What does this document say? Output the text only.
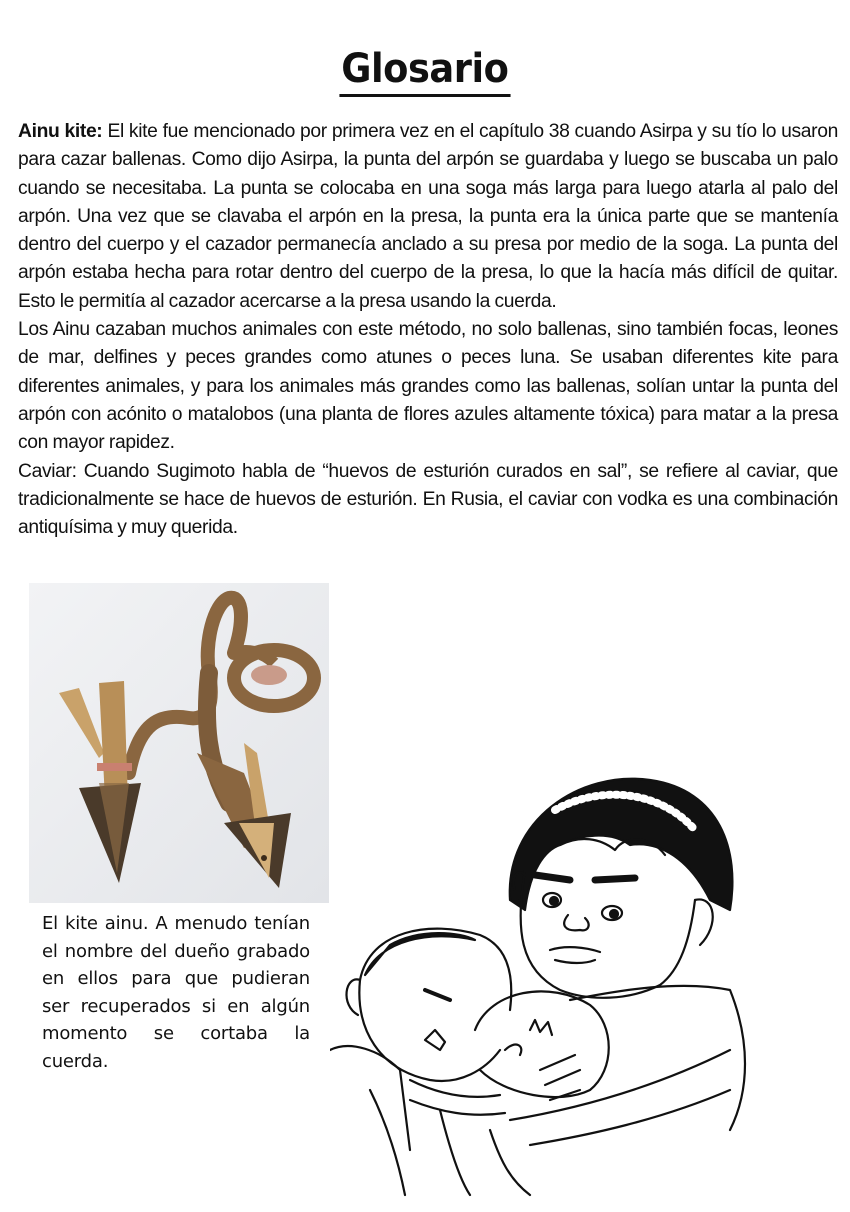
Glosario

Ainu kite: El kite fue mencionado por primera vez en el capítulo 38 cuando Asirpa y su tío lo usaron para cazar ballenas. Como dijo Asirpa, la punta del arpón se guardaba y luego se buscaba un palo cuando se necesitaba. La punta se colocaba en una soga más larga para luego atarla al palo del arpón. Una vez que se clavaba el arpón en la presa, la punta era la única parte que se mantenía dentro del cuerpo y el cazador permanecía anclado a su presa por medio de la soga. La punta del arpón estaba hecha para rotar dentro del cuerpo de la presa, lo que la hacía más difícil de quitar. Esto le permitía al cazador acercarse a la presa usando la cuerda.

Los Ainu cazaban muchos animales con este método, no solo ballenas, sino también focas, leones de mar, delfines y peces grandes como atunes o peces luna. Se usaban diferentes kite para diferentes animales, y para los animales más grandes como las ballenas, solían untar la punta del arpón con acónito o matalobos (una planta de flores azules altamente tóxica) para matar a la presa con mayor rapidez.

Caviar: Cuando Sugimoto habla de “huevos de esturión curados en sal”, se refiere al caviar, que tradicionalmente se hace de huevos de esturión. En Rusia, el caviar con vodka es una combinación antiquísima y muy querida.

El kite ainu. A menudo tenían el nombre del dueño grabado en ellos para que pudieran ser recuperados si en algún momento se cortaba la cuerda.
